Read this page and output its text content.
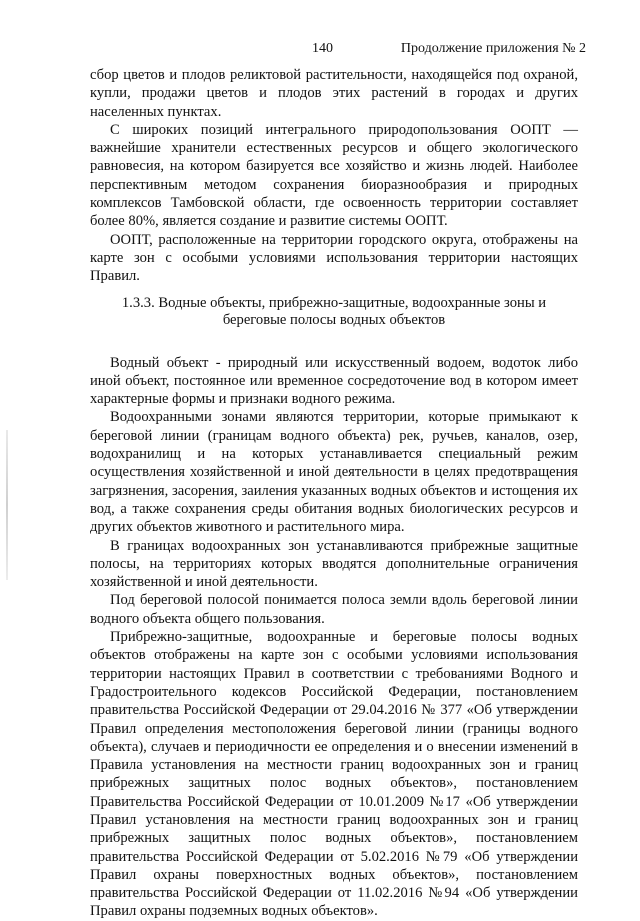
140	Продолжение приложения № 2

сбор цветов и плодов реликтовой растительности, находящейся под охраной, купли, продажи цветов и плодов этих растений в городах и других населенных пунктах.

С широких позиций интегрального природопользования ООПТ — важнейшие хранители естественных ресурсов и общего экологического равновесия, на котором базируется все хозяйство и жизнь людей. Наиболее перспективным методом сохранения биоразнообразия и природных комплексов Тамбовской области, где освоенность территории составляет более 80%, является создание и развитие системы ООПТ.

ООПТ, расположенные на территории городского округа, отображены на карте зон с особыми условиями использования территории настоящих Правил.

1.3.3. Водные объекты, прибрежно-защитные, водоохранные зоны и
береговые полосы водных объектов

Водный объект - природный или искусственный водоем, водоток либо иной объект, постоянное или временное сосредоточение вод в котором имеет характерные формы и признаки водного режима.

Водоохранными зонами являются территории, которые примыкают к береговой линии (границам водного объекта) рек, ручьев, каналов, озер, водохранилищ и на которых устанавливается специальный режим осуществления хозяйственной и иной деятельности в целях предотвращения загрязнения, засорения, заиления указанных водных объектов и истощения их вод, а также сохранения среды обитания водных биологических ресурсов и других объектов животного и растительного мира.

В границах водоохранных зон устанавливаются прибрежные защитные полосы, на территориях которых вводятся дополнительные ограничения хозяйственной и иной деятельности.

Под береговой полосой понимается полоса земли вдоль береговой линии водного объекта общего пользования.

Прибрежно-защитные, водоохранные и береговые полосы водных объектов отображены на карте зон с особыми условиями использования территории настоящих Правил в соответствии с требованиями Водного и Градостроительного кодексов Российской Федерации, постановлением правительства Российской Федерации от 29.04.2016 № 377 «Об утверждении Правил определения местоположения береговой линии (границы водного объекта), случаев и периодичности ее определения и о внесении изменений в Правила установления на местности границ водоохранных зон и границ прибрежных защитных полос водных объектов», постановлением Правительства Российской Федерации от 10.01.2009 №17 «Об утверждении Правил установления на местности границ водоохранных зон и границ прибрежных защитных полос водных объектов», постановлением правительства Российской Федерации от 5.02.2016 №79 «Об утверждении Правил охраны поверхностных водных объектов», постановлением правительства Российской Федерации от 11.02.2016 №94 «Об утверждении Правил охраны подземных водных объектов».
